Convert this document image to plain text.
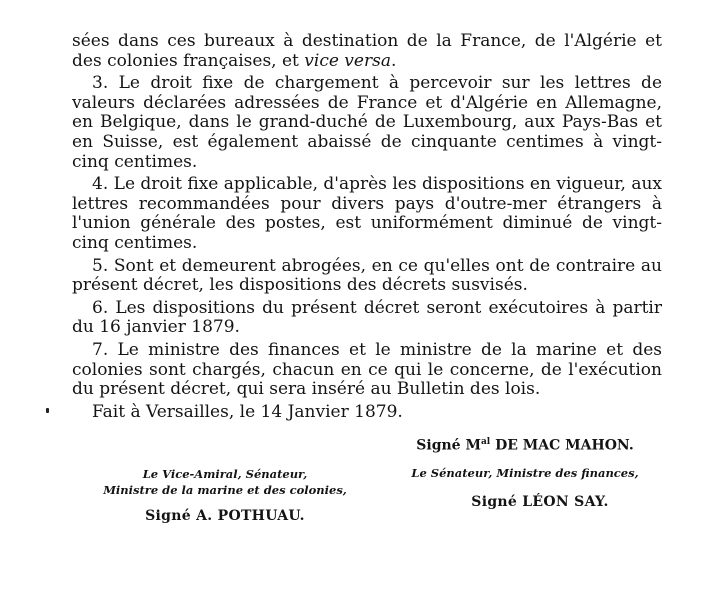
sées dans ces bureaux à destination de la France, de l'Algérie et des colonies françaises, et vice versa.

3. Le droit fixe de chargement à percevoir sur les lettres de valeurs déclarées adressées de France et d'Algérie en Allemagne, en Belgique, dans le grand-duché de Luxembourg, aux Pays-Bas et en Suisse, est également abaissé de cinquante centimes à vingt-cinq centimes.

4. Le droit fixe applicable, d'après les dispositions en vigueur, aux lettres recommandées pour divers pays d'outre-mer étrangers à l'union générale des postes, est uniformément diminué de vingt-cinq centimes.

5. Sont et demeurent abrogées, en ce qu'elles ont de contraire au présent décret, les dispositions des décrets susvisés.

6. Les dispositions du présent décret seront exécutoires à partir du 16 janvier 1879.

7. Le ministre des finances et le ministre de la marine et des colonies sont chargés, chacun en ce qui le concerne, de l'exécution du présent décret, qui sera inséré au Bulletin des lois.

Fait à Versailles, le 14 Janvier 1879.

Signé $M^{al}$ DE MAC MAHON.
Le Sénateur, Ministre des finances,
Signé LÉON SAY.
Le Vice-Amiral, Sénateur,
Ministre de la marine et des colonies,
Signé A. POTHUAU.
